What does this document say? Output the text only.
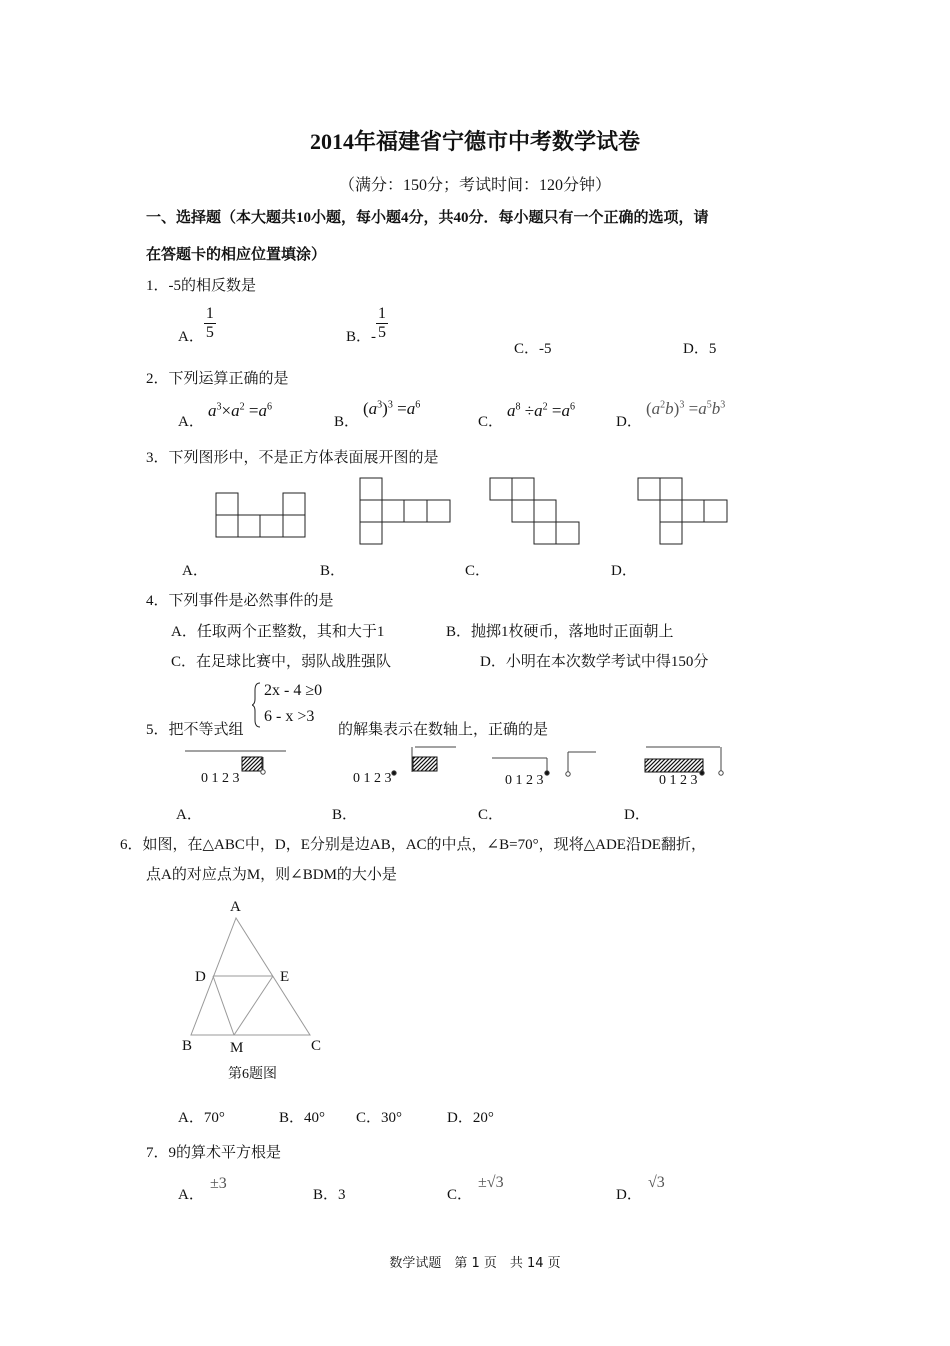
2014年福建省宁德市中考数学试卷
（满分：150分；考试时间：120分钟）
一、选择题（本大题共10小题，每小题4分，共40分．每小题只有一个正确的选项，请
在答题卡的相应位置填涂）
1．-5的相反数是
A． $\frac{1}{5}$	B．- $\frac{1}{5}$
C．-5	D．5
2．下列运算正确的是
A．
$a^3\times a^2 =a^6$
B．
$(a^3)^3 =a^6$
C．
$a^8 \div a^2 =a^6$
D．
$(a^2b)^3 =a^5b^3$
3．下列图形中，不是正方体表面展开图的是
A．	B．	C．	D．
4．下列事件是必然事件的是
A．任取两个正整数，其和大于1	B．抛掷1枚硬币，落地时正面朝上
C．在足球比赛中，弱队战胜强队	D．小明在本次数学考试中得150分
5．把不等式组
2x - 4 ≥0
6 - x >3
的解集表示在数轴上，正确的是
0 1 2 3	0 1 2 3	0 1 2 3	0 1 2 3
A．	B．	C．	D．
6．如图，在△ABC中，D，E分别是边AB，AC的中点，∠B=70°，现将△ADE沿DE翻折，
点A的对应点为M，则∠BDM的大小是
A
D	E
B	M	C
第6题图
A．70°	B．40° C．30°	D．20°
7．9的算术平方根是
A．
±3
B．3	C．
±√3
D．
√3
数学试题　第 1 页　共 14 页
